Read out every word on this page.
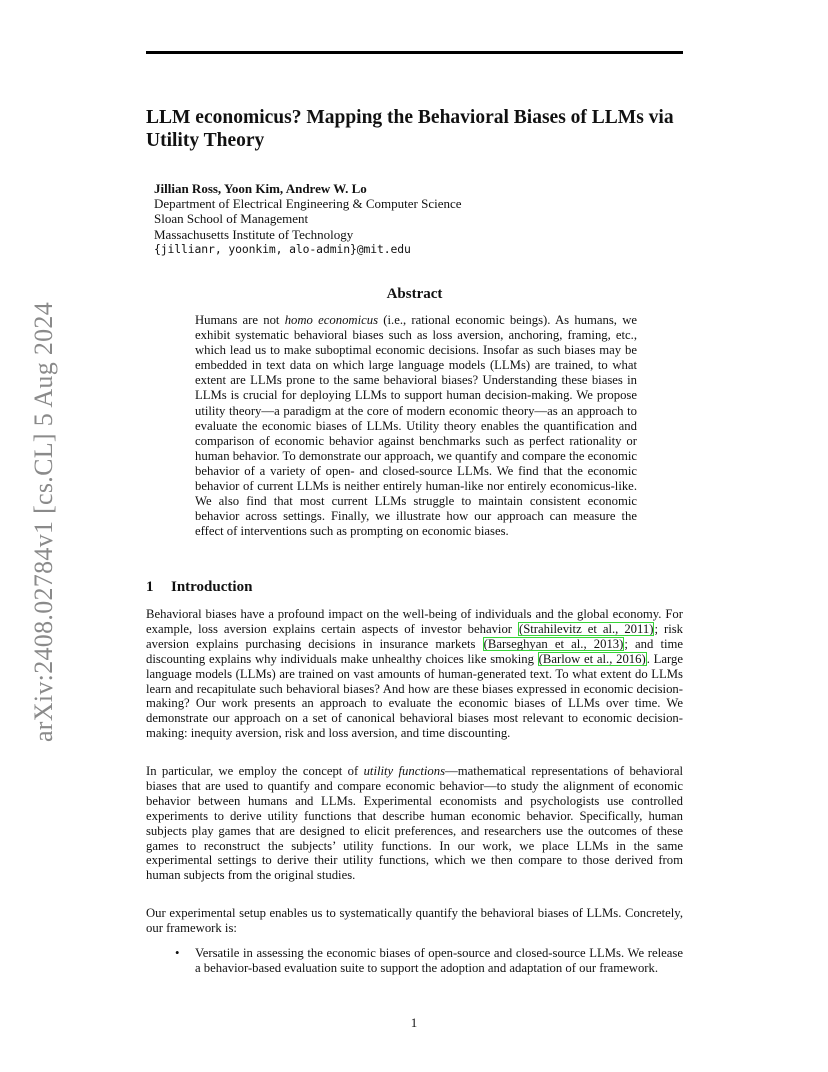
arXiv:2408.02784v1 [cs.CL] 5 Aug 2024
LLM economicus? Mapping the Behavioral Biases of LLMs via Utility Theory
Jillian Ross, Yoon Kim, Andrew W. Lo
Department of Electrical Engineering & Computer Science
Sloan School of Management
Massachusetts Institute of Technology
{jillianr, yoonkim, alo-admin}@mit.edu
Abstract
Humans are not homo economicus (i.e., rational economic beings). As humans, we exhibit systematic behavioral biases such as loss aversion, anchoring, framing, etc., which lead us to make suboptimal economic decisions. Insofar as such biases may be embedded in text data on which large language models (LLMs) are trained, to what extent are LLMs prone to the same behavioral biases? Understanding these biases in LLMs is crucial for deploying LLMs to support human decision-making. We propose utility theory—a paradigm at the core of modern economic theory—as an approach to evaluate the economic biases of LLMs. Utility theory enables the quantification and comparison of economic behavior against benchmarks such as perfect rationality or human behavior. To demonstrate our approach, we quantify and compare the economic behavior of a variety of open- and closed-source LLMs. We find that the economic behavior of current LLMs is neither entirely human-like nor entirely economicus-like. We also find that most current LLMs struggle to maintain consistent economic behavior across settings. Finally, we illustrate how our approach can measure the effect of interventions such as prompting on economic biases.
1 Introduction
Behavioral biases have a profound impact on the well-being of individuals and the global economy. For example, loss aversion explains certain aspects of investor behavior (Strahilevitz et al., 2011); risk aversion explains purchasing decisions in insurance markets (Barseghyan et al., 2013); and time discounting explains why individuals make unhealthy choices like smoking (Barlow et al., 2016). Large language models (LLMs) are trained on vast amounts of human-generated text. To what extent do LLMs learn and recapitulate such behavioral biases? And how are these biases expressed in economic decision-making? Our work presents an approach to evaluate the economic biases of LLMs over time. We demonstrate our approach on a set of canonical behavioral biases most relevant to economic decision-making: inequity aversion, risk and loss aversion, and time discounting.
In particular, we employ the concept of utility functions—mathematical representations of behavioral biases that are used to quantify and compare economic behavior—to study the alignment of economic behavior between humans and LLMs. Experimental economists and psychologists use controlled experiments to derive utility functions that describe human economic behavior. Specifically, human subjects play games that are designed to elicit preferences, and researchers use the outcomes of these games to reconstruct the subjects’ utility functions. In our work, we place LLMs in the same experimental settings to derive their utility functions, which we then compare to those derived from human subjects from the original studies.
Our experimental setup enables us to systematically quantify the behavioral biases of LLMs. Concretely, our framework is:
• Versatile in assessing the economic biases of open-source and closed-source LLMs. We release a behavior-based evaluation suite to support the adoption and adaptation of our framework.
1
